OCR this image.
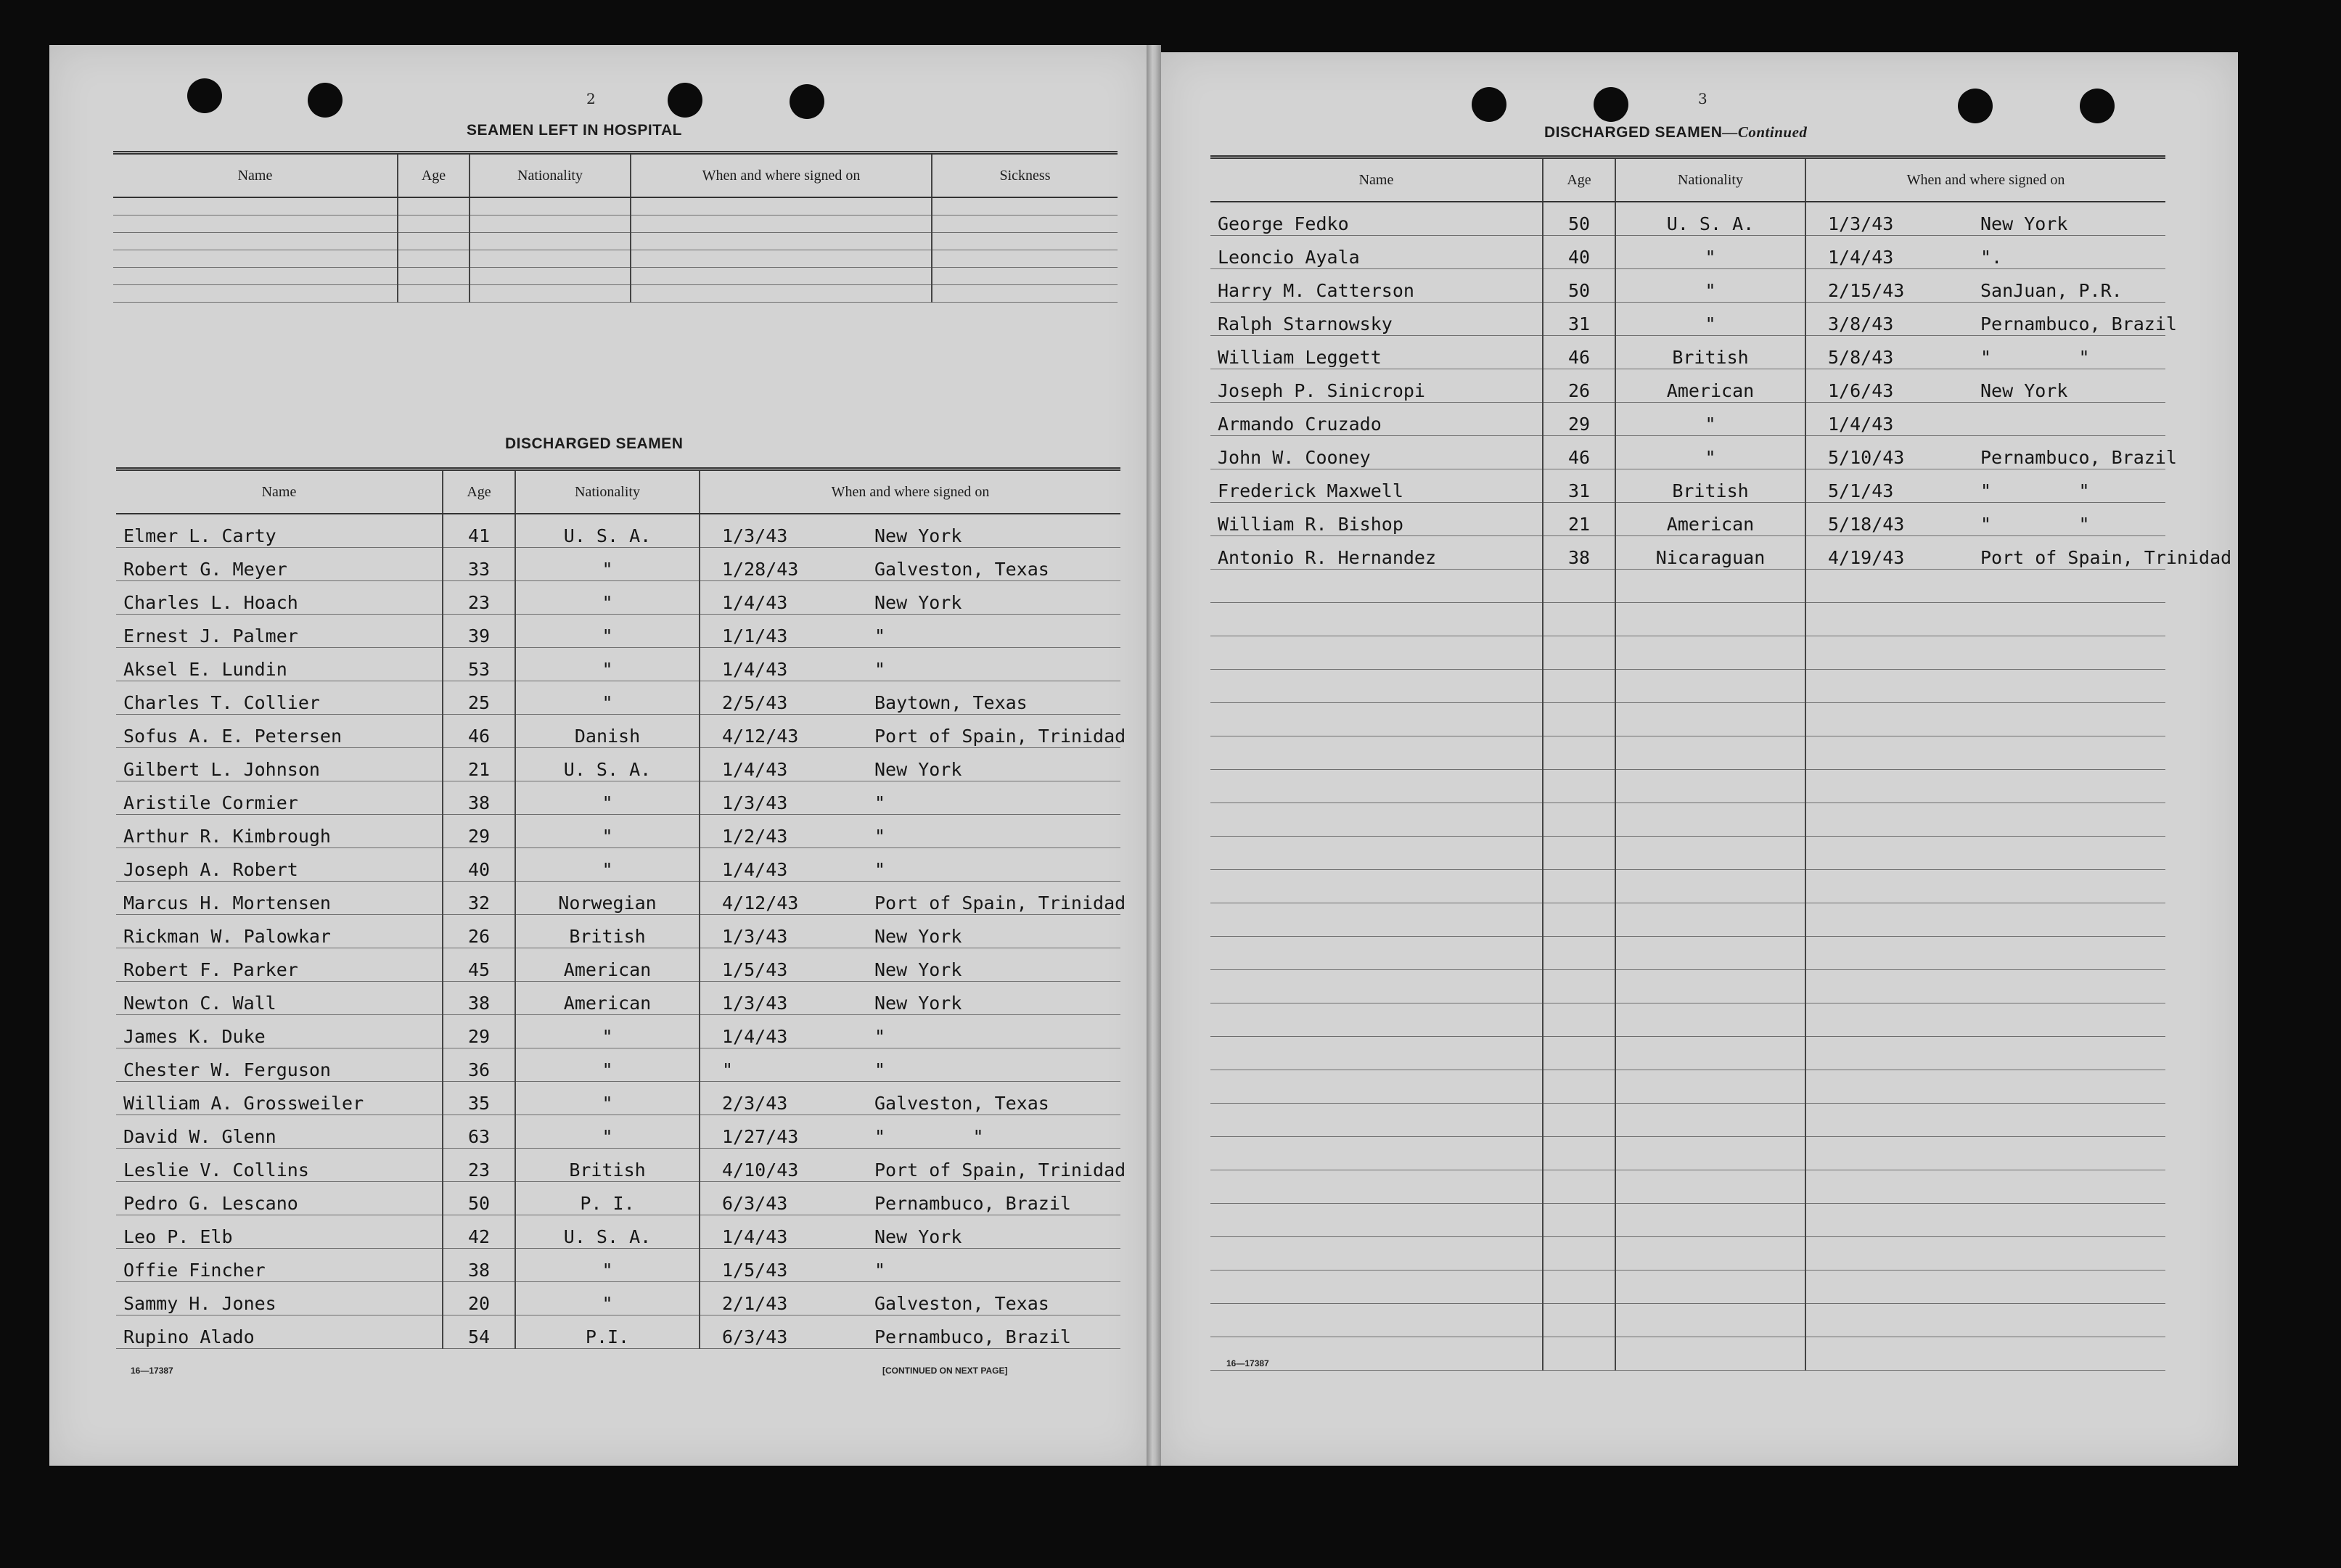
2
SEAMEN LEFT IN HOSPITAL
Name	Age	Nationality	When and where signed on	Sickness

DISCHARGED SEAMEN
Name	Age	Nationality	When and where signed on
Elmer L. Carty	41	U. S. A.	1/3/43 New York
Robert G. Meyer	33	"	1/28/43 Galveston, Texas
Charles L. Hoach	23	"	1/4/43 New York
Ernest J. Palmer	39	"	1/1/43 "
Aksel E. Lundin	53	"	1/4/43 "
Charles T. Collier	25	"	2/5/43 Baytown, Texas
Sofus A. E. Petersen	46	Danish	4/12/43 Port of Spain, Trinidad
Gilbert L. Johnson	21	U. S. A.	1/4/43 New York
Aristile Cormier	38	"	1/3/43 "
Arthur R. Kimbrough	29	"	1/2/43 "
Joseph A. Robert	40	"	1/4/43 "
Marcus H. Mortensen	32	Norwegian	4/12/43 Port of Spain, Trinidad
Rickman W. Palowkar	26	British	1/3/43 New York
Robert F. Parker	45	American	1/5/43 New York
Newton C. Wall	38	American	1/3/43 New York
James K. Duke	29	"	1/4/43 "
Chester W. Ferguson	36	"	" "
William A. Grossweiler	35	"	2/3/43 Galveston, Texas
David W. Glenn	63	"	1/27/43 "        "
Leslie V. Collins	23	British	4/10/43 Port of Spain, Trinidad
Pedro G. Lescano	50	P. I.	6/3/43 Pernambuco, Brazil
Leo P. Elb	42	U. S. A.	1/4/43 New York
Offie Fincher	38	"	1/5/43 "
Sammy H. Jones	20	"	2/1/43 Galveston, Texas
Rupino Alado	54	P.I.	6/3/43 Pernambuco, Brazil
16—17387	[CONTINUED ON NEXT PAGE]
3
DISCHARGED SEAMEN—Continued
Name	Age	Nationality	When and where signed on
George Fedko	50	U. S. A.	1/3/43 New York
Leoncio Ayala	40	"	1/4/43 ".
Harry M. Catterson	50	"	2/15/43 SanJuan, P.R.
Ralph Starnowsky	31	"	3/8/43 Pernambuco, Brazil
William Leggett	46	British	5/8/43 "        "
Joseph P. Sinicropi	26	American	1/6/43 New York
Armando Cruzado	29	"	1/4/43
John W. Cooney	46	"	5/10/43 Pernambuco, Brazil
Frederick Maxwell	31	British	5/1/43 "        "
William R. Bishop	21	American	5/18/43 "        "
Antonio R. Hernandez	38	Nicaraguan	4/19/43 Port of Spain, Trinidad

16—17387
